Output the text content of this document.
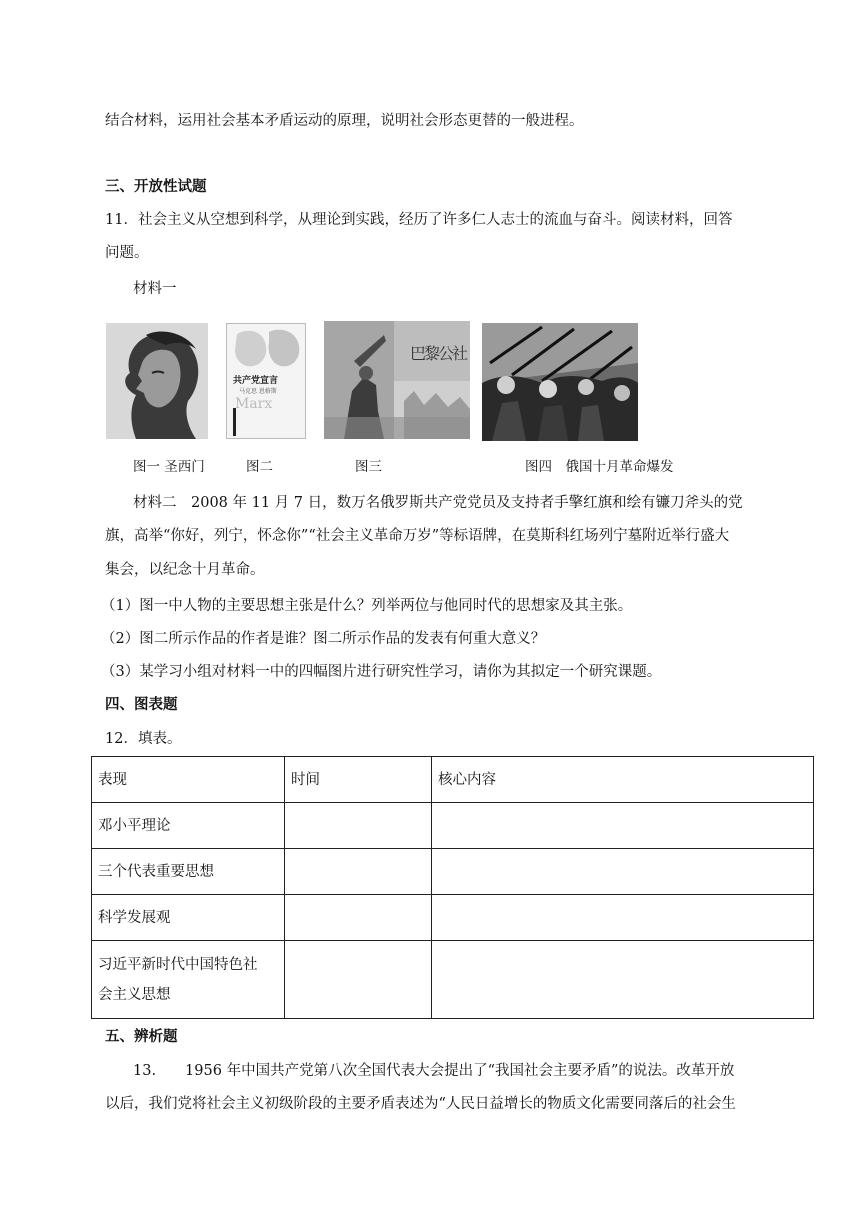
结合材料，运用社会基本矛盾运动的原理，说明社会形态更替的一般进程。
三、开放性试题
11．社会主义从空想到科学，从理论到实践，经历了许多仁人志士的流血与奋斗。阅读材料，回答
问题。
材料一
共产党宣言
马克思 恩格斯
Marx
巴黎公社
图一 圣西门	图二	图三	图四　俄国十月革命爆发
材料二　2008 年 11 月 7 日，数万名俄罗斯共产党党员及支持者手擎红旗和绘有镰刀斧头的党
旗，高举“你好，列宁，怀念你”“社会主义革命万岁”等标语牌，在莫斯科红场列宁墓附近举行盛大
集会，以纪念十月革命。
（1）图一中人物的主要思想主张是什么？列举两位与他同时代的思想家及其主张。
（2）图二所示作品的作者是谁？图二所示作品的发表有何重大意义？
（3）某学习小组对材料一中的四幅图片进行研究性学习，请你为其拟定一个研究课题。
四、图表题
12．填表。
表现	时间	核心内容
邓小平理论		
三个代表重要思想		
科学发展观		

习近平新时代中国特色社
会主义思想		

五、辨析题
13.　　1956 年中国共产党第八次全国代表大会提出了“我国社会主要矛盾”的说法。改革开放
以后，我们党将社会主义初级阶段的主要矛盾表述为“人民日益增长的物质文化需要同落后的社会生
